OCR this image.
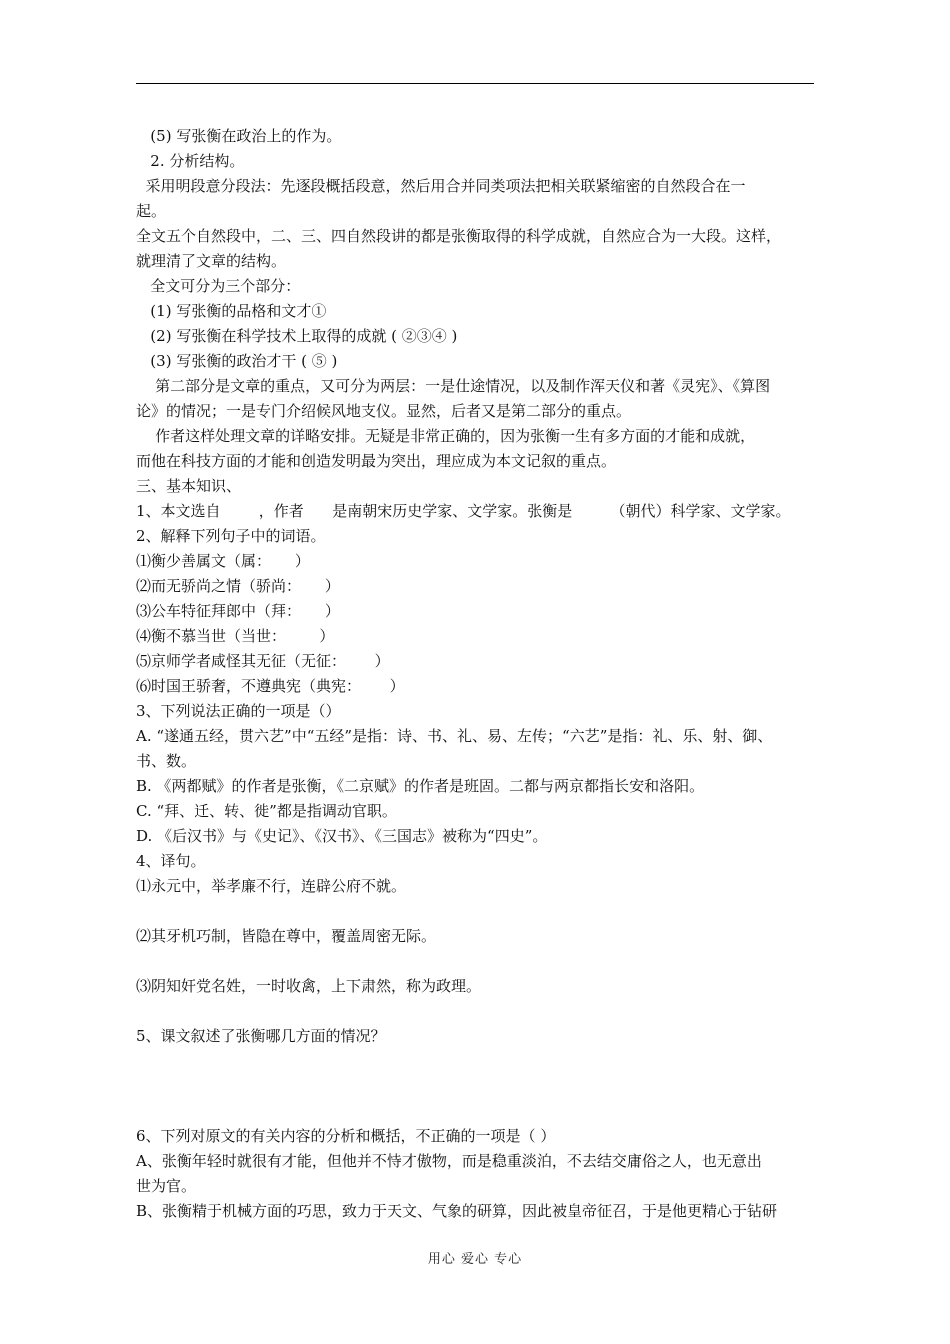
(5) 写张衡在政治上的作为。
2. 分析结构。
采用明段意分段法：先逐段概括段意，然后用合并同类项法把相关联紧缩密的自然段合在一
起。
全文五个自然段中，二、三、四自然段讲的都是张衡取得的科学成就，自然应合为一大段。这样，
就理清了文章的结构。
全文可分为三个部分：
(1) 写张衡的品格和文才①
(2) 写张衡在科学技术上取得的成就 ( ②③④ )
(3) 写张衡的政治才干 ( ⑤ )
第二部分是文章的重点，又可分为两层：一是仕途情况，以及制作浑天仪和著《灵宪》、《算图
论》的情况；一是专门介绍候风地支仪。显然，后者又是第二部分的重点。
作者这样处理文章的详略安排。无疑是非常正确的，因为张衡一生有多方面的才能和成就，
而他在科技方面的才能和创造发明最为突出，理应成为本文记叙的重点。
三、基本知识、
1、本文选自        ，作者      是南朝宋历史学家、文学家。张衡是        （朝代）科学家、文学家。
2、解释下列句子中的词语。
⑴衡少善属文（属：     ）
⑵而无骄尚之情（骄尚：     ）
⑶公车特征拜郎中（拜：     ）
⑷衡不慕当世（当世：       ）
⑸京师学者咸怪其无征（无征：      ）
⑹时国王骄奢，不遵典宪（典宪：      ）
3、下列说法正确的一项是（）
A. “遂通五经，贯六艺”中“五经”是指：诗、书、礼、易、左传；“六艺”是指：礼、乐、射、御、
书、数。
B. 《两都赋》的作者是张衡，《二京赋》的作者是班固。二都与两京都指长安和洛阳。
C. “拜、迁、转、徙”都是指调动官职。
D. 《后汉书》与《史记》、《汉书》、《三国志》被称为“四史”。
4、译句。
⑴永元中，举孝廉不行，连辟公府不就。
⑵其牙机巧制，皆隐在尊中，覆盖周密无际。
⑶阴知奸党名姓，一时收禽，上下肃然，称为政理。
5、课文叙述了张衡哪几方面的情况？
6、下列对原文的有关内容的分析和概括，不正确的一项是（ ）
A、张衡年轻时就很有才能，但他并不恃才傲物，而是稳重淡泊，不去结交庸俗之人，也无意出
世为官。
B、张衡精于机械方面的巧思，致力于天文、气象的研算，因此被皇帝征召，于是他更精心于钻研
用心 爱心 专心
